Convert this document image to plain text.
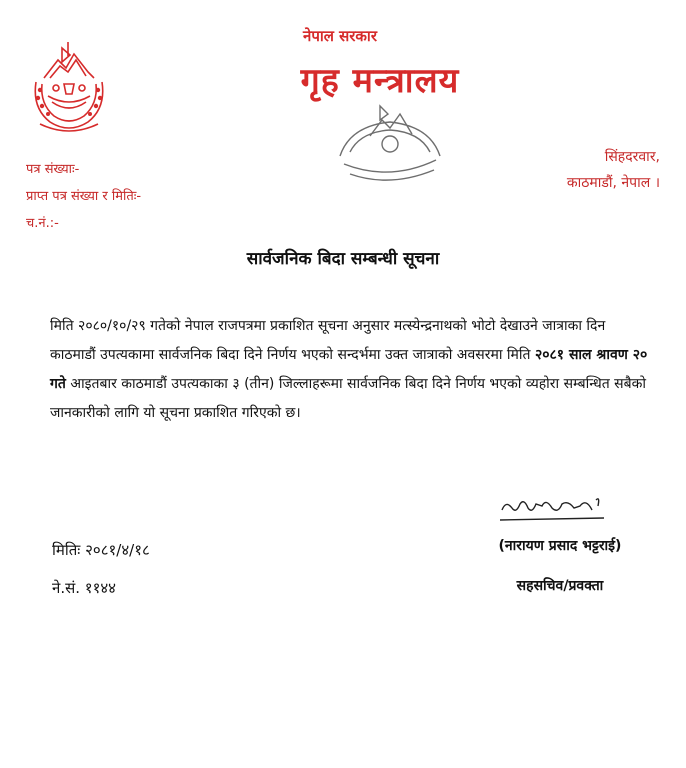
नेपाल सरकार
गृह मन्त्रालय
पत्र संख्याः-
प्राप्त पत्र संख्या र मितिः-
च.नं.:-
सिंहदरवार,
काठमाडौं, नेपाल ।
सार्वजनिक बिदा सम्बन्धी सूचना
मिति २०८०/१०/२९ गतेको नेपाल राजपत्रमा प्रकाशित सूचना अनुसार मत्स्येन्द्रनाथको भोटो देखाउने जात्राका दिन काठमाडौं उपत्यकामा सार्वजनिक बिदा दिने निर्णय भएको सन्दर्भमा उक्त जात्राको अवसरमा मिति २०८१ साल श्रावण २० गते आइतबार काठमाडौं उपत्यकाका ३ (तीन) जिल्लाहरूमा सार्वजनिक बिदा दिने निर्णय भएको व्यहोरा सम्बन्धित सबैको जानकारीको लागि यो सूचना प्रकाशित गरिएको छ।
(नारायण प्रसाद भट्टराई)
सहसचिव/प्रवक्ता
मितिः २०८१/४/१८
ने.सं. ११४४
